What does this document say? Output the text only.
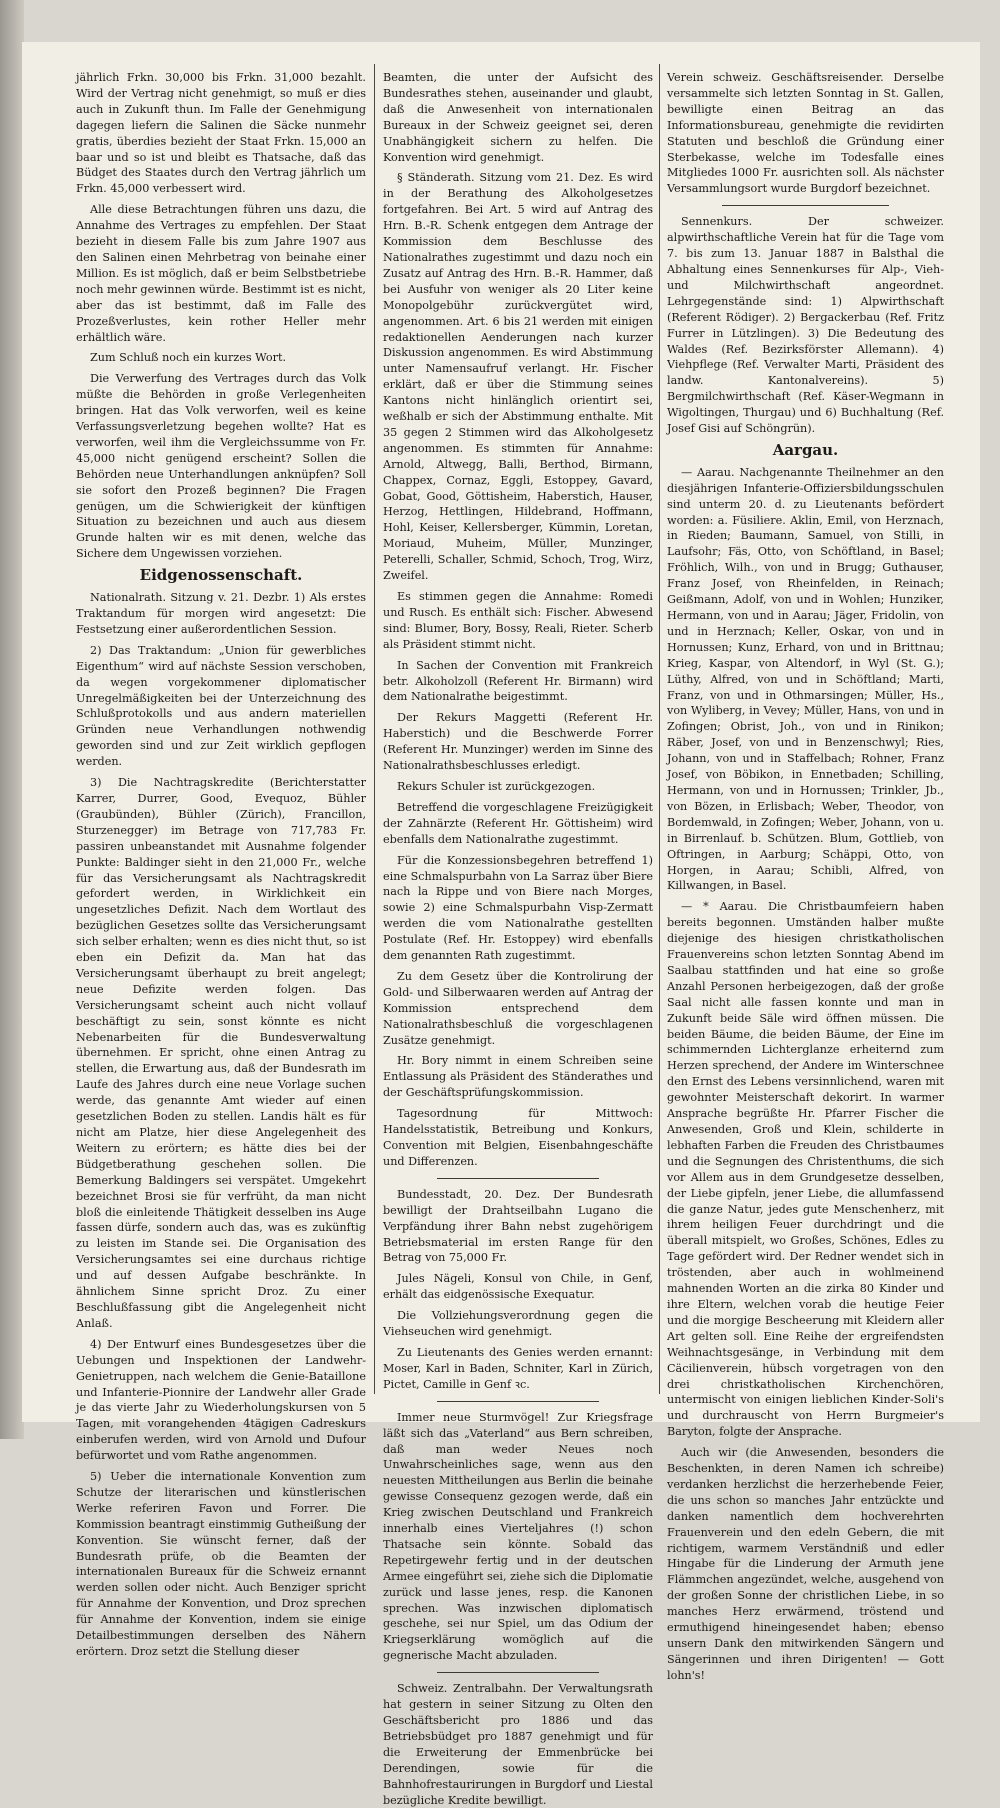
jährlich Frkn. 30,000 bis Frkn. 31,000 bezahlt. Wird der Vertrag nicht genehmigt, so muß er dies auch in Zukunft thun. Im Falle der Genehmigung dagegen liefern die Salinen die Säcke nunmehr gratis, überdies bezieht der Staat Frkn. 15,000 an baar und so ist und bleibt es Thatsache, daß das Büdget des Staates durch den Vertrag jährlich um Frkn. 45,000 verbessert wird.

Alle diese Betrachtungen führen uns dazu, die Annahme des Vertrages zu empfehlen. Der Staat bezieht in diesem Falle bis zum Jahre 1907 aus den Salinen einen Mehrbetrag von beinahe einer Million. Es ist möglich, daß er beim Selbstbetriebe noch mehr gewinnen würde. Bestimmt ist es nicht, aber das ist bestimmt, daß im Falle des Prozeßverlustes, kein rother Heller mehr erhältlich wäre.

Zum Schluß noch ein kurzes Wort.

Die Verwerfung des Vertrages durch das Volk müßte die Behörden in große Verlegenheiten bringen. Hat das Volk verworfen, weil es keine Verfassungsverletzung begehen wollte? Hat es verworfen, weil ihm die Vergleichssumme von Fr. 45,000 nicht genügend erscheint? Sollen die Behörden neue Unterhandlungen anknüpfen? Soll sie sofort den Prozeß beginnen? Die Fragen genügen, um die Schwierigkeit der künftigen Situation zu bezeichnen und auch aus diesem Grunde halten wir es mit denen, welche das Sichere dem Ungewissen vorziehen.

Eidgenossenschaft.

Nationalrath. Sitzung v. 21. Dezbr. 1) Als erstes Traktandum für morgen wird angesetzt: Die Festsetzung einer außerordentlichen Session.

2) Das Traktandum: „Union für gewerbliches Eigenthum“ wird auf nächste Session verschoben, da wegen vorgekommener diplomatischer Unregelmäßigkeiten bei der Unterzeichnung des Schlußprotokolls und aus andern materiellen Gründen neue Verhandlungen nothwendig geworden sind und zur Zeit wirklich gepflogen werden.

3) Die Nachtragskredite (Berichterstatter Karrer, Durrer, Good, Evequoz, Bühler (Graubünden), Bühler (Zürich), Francillon, Sturzenegger) im Betrage von 717,783 Fr. passiren unbeanstandet mit Ausnahme folgender Punkte: Baldinger sieht in den 21,000 Fr., welche für das Versicherungsamt als Nachtragskredit gefordert werden, in Wirklichkeit ein ungesetzliches Defizit. Nach dem Wortlaut des bezüglichen Gesetzes sollte das Versicherungsamt sich selber erhalten; wenn es dies nicht thut, so ist eben ein Defizit da. Man hat das Versicherungsamt überhaupt zu breit angelegt; neue Defizite werden folgen. Das Versicherungsamt scheint auch nicht vollauf beschäftigt zu sein, sonst könnte es nicht Nebenarbeiten für die Bundesverwaltung übernehmen. Er spricht, ohne einen Antrag zu stellen, die Erwartung aus, daß der Bundesrath im Laufe des Jahres durch eine neue Vorlage suchen werde, das genannte Amt wieder auf einen gesetzlichen Boden zu stellen. Landis hält es für nicht am Platze, hier diese Angelegenheit des Weitern zu erörtern; es hätte dies bei der Büdgetberathung geschehen sollen. Die Bemerkung Baldingers sei verspätet. Umgekehrt bezeichnet Brosi sie für verfrüht, da man nicht bloß die einleitende Thätigkeit desselben ins Auge fassen dürfe, sondern auch das, was es zukünftig zu leisten im Stande sei. Die Organisation des Versicherungsamtes sei eine durchaus richtige und auf dessen Aufgabe beschränkte. In ähnlichem Sinne spricht Droz. Zu einer Beschlußfassung gibt die Angelegenheit nicht Anlaß.

4) Der Entwurf eines Bundesgesetzes über die Uebungen und Inspektionen der Landwehr-Genietruppen, nach welchem die Genie-Bataillone und Infanterie-Pionnire der Landwehr aller Grade je das vierte Jahr zu Wiederholungskursen von 5 Tagen, mit vorangehenden 4tägigen Cadreskurs einberufen werden, wird von Arnold und Dufour befürwortet und vom Rathe angenommen.

5) Ueber die internationale Konvention zum Schutze der literarischen und künstlerischen Werke referiren Favon und Forrer. Die Kommission beantragt einstimmig Gutheißung der Konvention. Sie wünscht ferner, daß der Bundesrath prüfe, ob die Beamten der internationalen Bureaux für die Schweiz ernannt werden sollen oder nicht. Auch Benziger spricht für Annahme der Konvention, und Droz sprechen für Annahme der Konvention, indem sie einige Detailbestimmungen derselben des Nähern erörtern. Droz setzt die Stellung dieser

Beamten, die unter der Aufsicht des Bundesrathes stehen, auseinander und glaubt, daß die Anwesenheit von internationalen Bureaux in der Schweiz geeignet sei, deren Unabhängigkeit sichern zu helfen. Die Konvention wird genehmigt.

§ Ständerath. Sitzung vom 21. Dez. Es wird in der Berathung des Alkoholgesetzes fortgefahren. Bei Art. 5 wird auf Antrag des Hrn. B.-R. Schenk entgegen dem Antrage der Kommission dem Beschlusse des Nationalrathes zugestimmt und dazu noch ein Zusatz auf Antrag des Hrn. B.-R. Hammer, daß bei Ausfuhr von weniger als 20 Liter keine Monopolgebühr zurückvergütet wird, angenommen. Art. 6 bis 21 werden mit einigen redaktionellen Aenderungen nach kurzer Diskussion angenommen. Es wird Abstimmung unter Namensaufruf verlangt. Hr. Fischer erklärt, daß er über die Stimmung seines Kantons nicht hinlänglich orientirt sei, weßhalb er sich der Abstimmung enthalte. Mit 35 gegen 2 Stimmen wird das Alkoholgesetz angenommen. Es stimmten für Annahme: Arnold, Altwegg, Balli, Berthod, Birmann, Chappex, Cornaz, Eggli, Estoppey, Gavard, Gobat, Good, Göttisheim, Haberstich, Hauser, Herzog, Hettlingen, Hildebrand, Hoffmann, Hohl, Keiser, Kellersberger, Kümmin, Loretan, Moriaud, Muheim, Müller, Munzinger, Peterelli, Schaller, Schmid, Schoch, Trog, Wirz, Zweifel.

Es stimmen gegen die Annahme: Romedi und Rusch. Es enthält sich: Fischer. Abwesend sind: Blumer, Bory, Bossy, Reali, Rieter. Scherb als Präsident stimmt nicht.

In Sachen der Convention mit Frankreich betr. Alkoholzoll (Referent Hr. Birmann) wird dem Nationalrathe beigestimmt.

Der Rekurs Maggetti (Referent Hr. Haberstich) und die Beschwerde Forrer (Referent Hr. Munzinger) werden im Sinne des Nationalrathsbeschlusses erledigt.

Rekurs Schuler ist zurückgezogen.

Betreffend die vorgeschlagene Freizügigkeit der Zahnärzte (Referent Hr. Göttisheim) wird ebenfalls dem Nationalrathe zugestimmt.

Für die Konzessionsbegehren betreffend 1) eine Schmalspurbahn von La Sarraz über Biere nach la Rippe und von Biere nach Morges, sowie 2) eine Schmalspurbahn Visp-Zermatt werden die vom Nationalrathe gestellten Postulate (Ref. Hr. Estoppey) wird ebenfalls dem genannten Rath zugestimmt.

Zu dem Gesetz über die Kontrolirung der Gold- und Silberwaaren werden auf Antrag der Kommission entsprechend dem Nationalrathsbeschluß die vorgeschlagenen Zusätze genehmigt.

Hr. Bory nimmt in einem Schreiben seine Entlassung als Präsident des Ständerathes und der Geschäftsprüfungskommission.

Tagesordnung für Mittwoch: Handelsstatistik, Betreibung und Konkurs, Convention mit Belgien, Eisenbahngeschäfte und Differenzen.

Bundesstadt, 20. Dez. Der Bundesrath bewilligt der Drahtseilbahn Lugano die Verpfändung ihrer Bahn nebst zugehörigem Betriebsmaterial im ersten Range für den Betrag von 75,000 Fr.

Jules Nägeli, Konsul von Chile, in Genf, erhält das eidgenössische Exequatur.

Die Vollziehungsverordnung gegen die Viehseuchen wird genehmigt.

Zu Lieutenants des Genies werden ernannt: Moser, Karl in Baden, Schniter, Karl in Zürich, Pictet, Camille in Genf ꝛc.

Immer neue Sturmvögel! Zur Kriegsfrage läßt sich das „Vaterland“ aus Bern schreiben, daß man weder Neues noch Unwahrscheinliches sage, wenn aus den neuesten Mittheilungen aus Berlin die beinahe gewisse Consequenz gezogen werde, daß ein Krieg zwischen Deutschland und Frankreich innerhalb eines Vierteljahres (!) schon Thatsache sein könnte. Sobald das Repetirgewehr fertig und in der deutschen Armee eingeführt sei, ziehe sich die Diplomatie zurück und lasse jenes, resp. die Kanonen sprechen. Was inzwischen diplomatisch geschehe, sei nur Spiel, um das Odium der Kriegserklärung womöglich auf die gegnerische Macht abzuladen.

Schweiz. Zentralbahn. Der Verwaltungsrath hat gestern in seiner Sitzung zu Olten den Geschäftsbericht pro 1886 und das Betriebsbüdget pro 1887 genehmigt und für die Erweiterung der Emmenbrücke bei Derendingen, sowie für die Bahnhofrestaurirungen in Burgdorf und Liestal bezügliche Kredite bewilligt.

Verein schweiz. Geschäftsreisender. Derselbe versammelte sich letzten Sonntag in St. Gallen, bewilligte einen Beitrag an das Informationsbureau, genehmigte die revidirten Statuten und beschloß die Gründung einer Sterbekasse, welche im Todesfalle eines Mitgliedes 1000 Fr. ausrichten soll. Als nächster Versammlungsort wurde Burgdorf bezeichnet.

Sennenkurs. Der schweizer. alpwirthschaftliche Verein hat für die Tage vom 7. bis zum 13. Januar 1887 in Balsthal die Abhaltung eines Sennenkurses für Alp-, Vieh- und Milchwirthschaft angeordnet. Lehrgegenstände sind: 1) Alpwirthschaft (Referent Rödiger). 2) Bergackerbau (Ref. Fritz Furrer in Lützlingen). 3) Die Bedeutung des Waldes (Ref. Bezirksförster Allemann). 4) Viehpflege (Ref. Verwalter Marti, Präsident des landw. Kantonalvereins). 5) Bergmilchwirthschaft (Ref. Käser-Wegmann in Wigoltingen, Thurgau) und 6) Buchhaltung (Ref. Josef Gisi auf Schöngrün).

Aargau.

— Aarau. Nachgenannte Theilnehmer an den diesjährigen Infanterie-Offiziersbildungsschulen sind unterm 20. d. zu Lieutenants befördert worden: a. Füsiliere. Aklin, Emil, von Herznach, in Rieden; Baumann, Samuel, von Stilli, in Laufsohr; Fäs, Otto, von Schöftland, in Basel; Fröhlich, Wilh., von und in Brugg; Guthauser, Franz Josef, von Rheinfelden, in Reinach; Geißmann, Adolf, von und in Wohlen; Hunziker, Hermann, von und in Aarau; Jäger, Fridolin, von und in Herznach; Keller, Oskar, von und in Hornussen; Kunz, Erhard, von und in Brittnau; Krieg, Kaspar, von Altendorf, in Wyl (St. G.); Lüthy, Alfred, von und in Schöftland; Marti, Franz, von und in Othmarsingen; Müller, Hs., von Wyliberg, in Vevey; Müller, Hans, von und in Zofingen; Obrist, Joh., von und in Rinikon; Räber, Josef, von und in Benzenschwyl; Ries, Johann, von und in Staffelbach; Rohner, Franz Josef, von Böbikon, in Ennetbaden; Schilling, Hermann, von und in Hornussen; Trinkler, Jb., von Bözen, in Erlisbach; Weber, Theodor, von Bordemwald, in Zofingen; Weber, Johann, von u. in Birrenlauf. b. Schützen. Blum, Gottlieb, von Oftringen, in Aarburg; Schäppi, Otto, von Horgen, in Aarau; Schibli, Alfred, von Killwangen, in Basel.

— * Aarau. Die Christbaumfeiern haben bereits begonnen. Umständen halber mußte diejenige des hiesigen christkatholischen Frauenvereins schon letzten Sonntag Abend im Saalbau stattfinden und hat eine so große Anzahl Personen herbeigezogen, daß der große Saal nicht alle fassen konnte und man in Zukunft beide Säle wird öffnen müssen. Die beiden Bäume, die beiden Bäume, der Eine im schimmernden Lichterglanze erheiternd zum Herzen sprechend, der Andere im Winterschnee den Ernst des Lebens versinnlichend, waren mit gewohnter Meisterschaft dekorirt. In warmer Ansprache begrüßte Hr. Pfarrer Fischer die Anwesenden, Groß und Klein, schilderte in lebhaften Farben die Freuden des Christbaumes und die Segnungen des Christenthums, die sich vor Allem aus in dem Grundgesetze desselben, der Liebe gipfeln, jener Liebe, die allumfassend die ganze Natur, jedes gute Menschenherz, mit ihrem heiligen Feuer durchdringt und die überall mitspielt, wo Großes, Schönes, Edles zu Tage gefördert wird. Der Redner wendet sich in tröstenden, aber auch in wohlmeinend mahnenden Worten an die zirka 80 Kinder und ihre Eltern, welchen vorab die heutige Feier und die morgige Bescheerung mit Kleidern aller Art gelten soll. Eine Reihe der ergreifendsten Weihnachtsgesänge, in Verbindung mit dem Cäcilienverein, hübsch vorgetragen von den drei christkatholischen Kirchenchören, untermischt von einigen lieblichen Kinder-Soli's und durchrauscht von Herrn Burgmeier's Baryton, folgte der Ansprache.

Auch wir (die Anwesenden, besonders die Beschenkten, in deren Namen ich schreibe) verdanken herzlichst die herzerhebende Feier, die uns schon so manches Jahr entzückte und danken namentlich dem hochverehrten Frauenverein und den edeln Gebern, die mit richtigem, warmem Verständniß und edler Hingabe für die Linderung der Armuth jene Flämmchen angezündet, welche, ausgehend von der großen Sonne der christlichen Liebe, in so manches Herz erwärmend, tröstend und ermuthigend hineingesendet haben; ebenso unsern Dank den mitwirkenden Sängern und Sängerinnen und ihren Dirigenten! — Gott lohn's!
